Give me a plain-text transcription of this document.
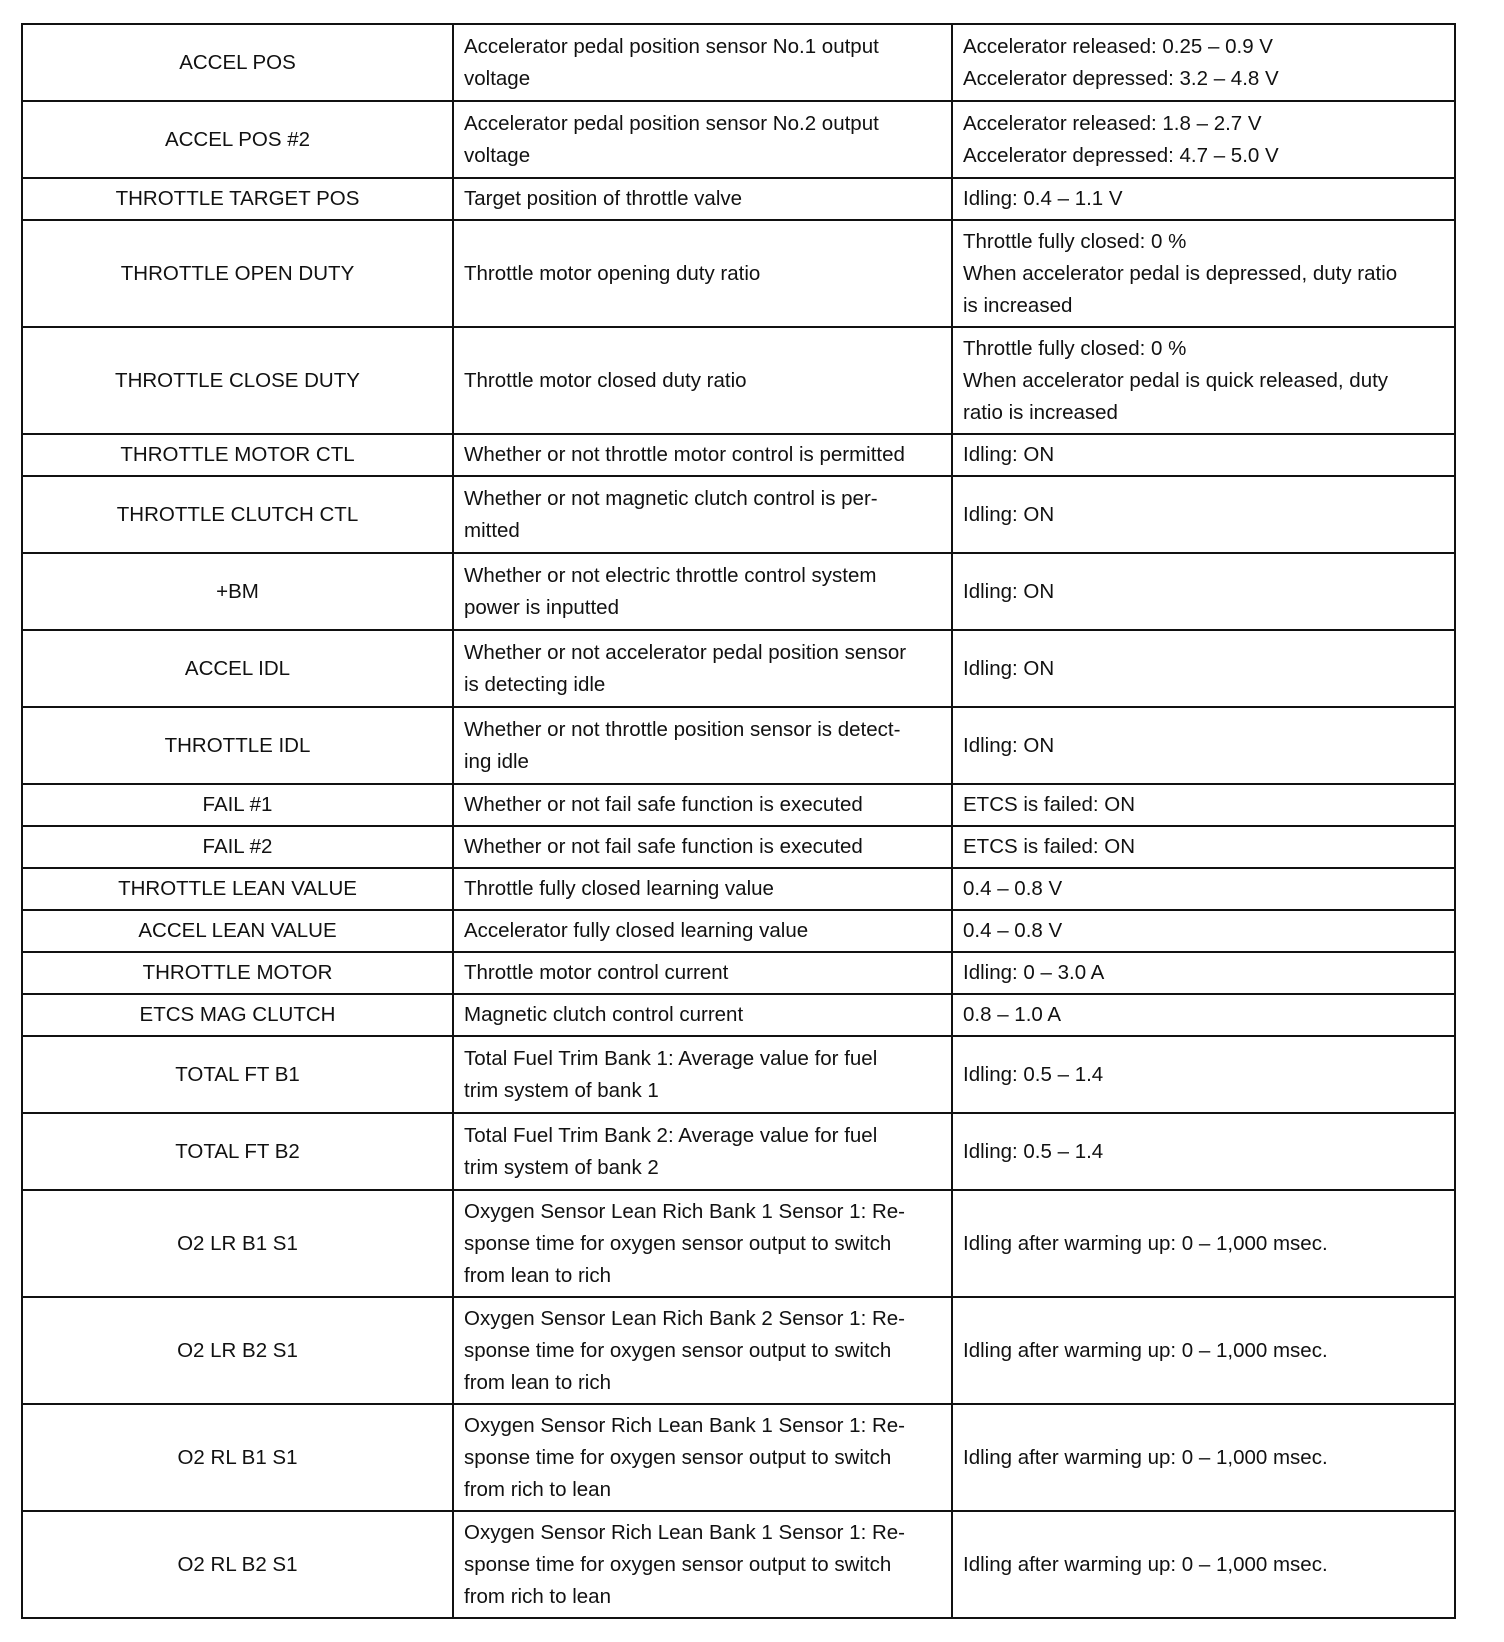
ACCEL POS	Accelerator pedal position sensor No.1 output
voltage	Accelerator released: 0.25 – 0.9 V
Accelerator depressed: 3.2 – 4.8 V

ACCEL POS #2	Accelerator pedal position sensor No.2 output
voltage	Accelerator released: 1.8 – 2.7 V
Accelerator depressed: 4.7 – 5.0 V

THROTTLE TARGET POS	Target position of throttle valve	Idling: 0.4 – 1.1 V

THROTTLE OPEN DUTY	Throttle motor opening duty ratio	Throttle fully closed: 0 %
When accelerator pedal is depressed, duty ratio
is increased

THROTTLE CLOSE DUTY	Throttle motor closed duty ratio	Throttle fully closed: 0 %
When accelerator pedal is quick released, duty
ratio is increased

THROTTLE MOTOR CTL	Whether or not throttle motor control is permitted	Idling: ON

THROTTLE CLUTCH CTL	Whether or not magnetic clutch control is per-
mitted	Idling: ON

+BM	Whether or not electric throttle control system
power is inputted	Idling: ON

ACCEL IDL	Whether or not accelerator pedal position sensor
is detecting idle	Idling: ON

THROTTLE IDL	Whether or not throttle position sensor is detect-
ing idle	Idling: ON

FAIL #1	Whether or not fail safe function is executed	ETCS is failed: ON

FAIL #2	Whether or not fail safe function is executed	ETCS is failed: ON

THROTTLE LEAN VALUE	Throttle fully closed learning value	0.4 – 0.8 V

ACCEL LEAN VALUE	Accelerator fully closed learning value	0.4 – 0.8 V

THROTTLE MOTOR	Throttle motor control current	Idling: 0 – 3.0 A

ETCS MAG CLUTCH	Magnetic clutch control current	0.8 – 1.0 A

TOTAL FT B1	Total Fuel Trim Bank 1: Average value for fuel
trim system of bank 1	Idling: 0.5 – 1.4

TOTAL FT B2	Total Fuel Trim Bank 2: Average value for fuel
trim system of bank 2	Idling: 0.5 – 1.4

O2 LR B1 S1	Oxygen Sensor Lean Rich Bank 1 Sensor 1: Re-
sponse time for oxygen sensor output to switch
from lean to rich	Idling after warming up: 0 – 1,000 msec.

O2 LR B2 S1	Oxygen Sensor Lean Rich Bank 2 Sensor 1: Re-
sponse time for oxygen sensor output to switch
from lean to rich	Idling after warming up: 0 – 1,000 msec.

O2 RL B1 S1	Oxygen Sensor Rich Lean Bank 1 Sensor 1: Re-
sponse time for oxygen sensor output to switch
from rich to lean	Idling after warming up: 0 – 1,000 msec.

O2 RL B2 S1	Oxygen Sensor Rich Lean Bank 1 Sensor 1: Re-
sponse time for oxygen sensor output to switch
from rich to lean	Idling after warming up: 0 – 1,000 msec.
